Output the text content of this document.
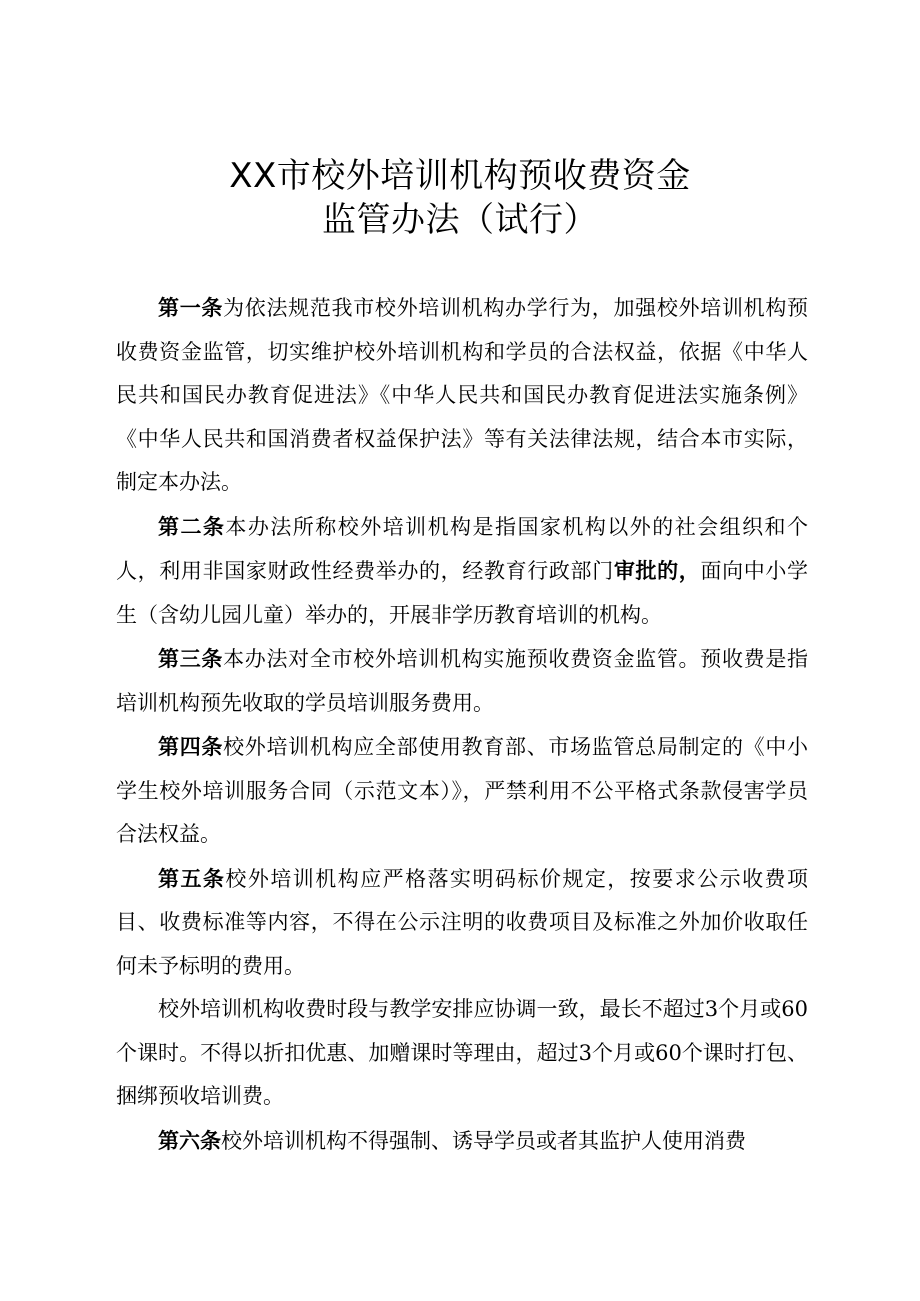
XX市校外培训机构预收费资金
监管办法（试行）

第一条为依法规范我市校外培训机构办学行为，加强校外培训机构预收费资金监管，切实维护校外培训机构和学员的合法权益，依据《中华人民共和国民办教育促进法》《中华人民共和国民办教育促进法实施条例》《中华人民共和国消费者权益保护法》等有关法律法规，结合本市实际，制定本办法。

第二条本办法所称校外培训机构是指国家机构以外的社会组织和个人，利用非国家财政性经费举办的，经教育行政部门审批的，面向中小学生（含幼儿园儿童）举办的，开展非学历教育培训的机构。

第三条本办法对全市校外培训机构实施预收费资金监管。预收费是指培训机构预先收取的学员培训服务费用。

第四条校外培训机构应全部使用教育部、市场监管总局制定的《中小学生校外培训服务合同（示范文本）》，严禁利用不公平格式条款侵害学员合法权益。

第五条校外培训机构应严格落实明码标价规定，按要求公示收费项目、收费标准等内容，不得在公示注明的收费项目及标准之外加价收取任何未予标明的费用。

校外培训机构收费时段与教学安排应协调一致，最长不超过3个月或60个课时。不得以折扣优惠、加赠课时等理由，超过3个月或60个课时打包、捆绑预收培训费。

第六条校外培训机构不得强制、诱导学员或者其监护人使用消费
